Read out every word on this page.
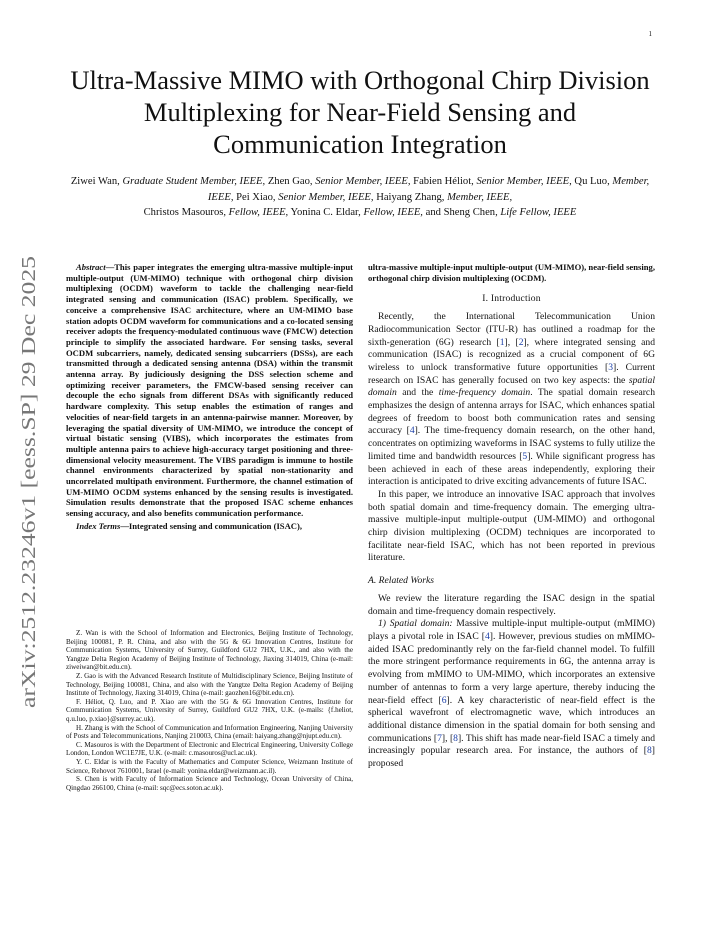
1
arXiv:2512.23246v1 [eess.SP] 29 Dec 2025
Ultra-Massive MIMO with Orthogonal Chirp Division Multiplexing for Near-Field Sensing and Communication Integration
Ziwei Wan, Graduate Student Member, IEEE, Zhen Gao, Senior Member, IEEE, Fabien Héliot, Senior Member, IEEE, Qu Luo, Member, IEEE, Pei Xiao, Senior Member, IEEE, Haiyang Zhang, Member, IEEE,
Christos Masouros, Fellow, IEEE, Yonina C. Eldar, Fellow, IEEE, and Sheng Chen, Life Fellow, IEEE

Abstract—This paper integrates the emerging ultra-massive multiple-input multiple-output (UM-MIMO) technique with orthogonal chirp division multiplexing (OCDM) waveform to tackle the challenging near-field integrated sensing and communication (ISAC) problem. Specifically, we conceive a comprehensive ISAC architecture, where an UM-MIMO base station adopts OCDM waveform for communications and a co-located sensing receiver adopts the frequency-modulated continuous wave (FMCW) detection principle to simplify the associated hardware. For sensing tasks, several OCDM subcarriers, namely, dedicated sensing subcarriers (DSSs), are each transmitted through a dedicated sensing antenna (DSA) within the transmit antenna array. By judiciously designing the DSS selection scheme and optimizing receiver parameters, the FMCW-based sensing receiver can decouple the echo signals from different DSAs with significantly reduced hardware complexity. This setup enables the estimation of ranges and velocities of near-field targets in an antenna-pairwise manner. Moreover, by leveraging the spatial diversity of UM-MIMO, we introduce the concept of virtual bistatic sensing (VIBS), which incorporates the estimates from multiple antenna pairs to achieve high-accuracy target positioning and three-dimensional velocity measurement. The VIBS paradigm is immune to hostile channel environments characterized by spatial non-stationarity and uncorrelated multipath environment. Furthermore, the channel estimation of UM-MIMO OCDM systems enhanced by the sensing results is investigated. Simulation results demonstrate that the proposed ISAC scheme enhances sensing accuracy, and also benefits communication performance.

Index Terms—Integrated sensing and communication (ISAC),

Z. Wan is with the School of Information and Electronics, Beijing Institute of Technology, Beijing 100081, P. R. China, and also with the 5G & 6G Innovation Centres, Institute for Communication Systems, University of Surrey, Guildford GU2 7HX, U.K., and also with the Yangtze Delta Region Academy of Beijing Institute of Technology, Jiaxing 314019, China (e-mail: ziweiwan@bit.edu.cn).

Z. Gao is with the Advanced Research Institute of Multidisciplinary Science, Beijing Institute of Technology, Beijing 100081, China, and also with the Yangtze Delta Region Academy of Beijing Institute of Technology, Jiaxing 314019, China (e-mail: gaozhen16@bit.edu.cn).

F. Héliot, Q. Luo, and P. Xiao are with the 5G & 6G Innovation Centres, Institute for Communication Systems, University of Surrey, Guildford GU2 7HX, U.K. (e-mails: {f.heliot, q.u.luo, p.xiao}@surrey.ac.uk).

H. Zhang is with the School of Communication and Information Engineering, Nanjing University of Posts and Telecommunications, Nanjing 210003, China (email: haiyang.zhang@njupt.edu.cn).

C. Masouros is with the Department of Electronic and Electrical Engineering, University College London, London WC1E7JE, U.K. (e-mail: c.masouros@ucl.ac.uk).

Y. C. Eldar is with the Faculty of Mathematics and Computer Science, Weizmann Institute of Science, Rehovot 7610001, Israel (e-mail: yonina.eldar@weizmann.ac.il).

S. Chen is with Faculty of Information Science and Technology, Ocean University of China, Qingdao 266100, China (e-mail: sqc@ecs.soton.ac.uk).

ultra-massive multiple-input multiple-output (UM-MIMO), near-field sensing, orthogonal chirp division multiplexing (OCDM).

I. Introduction

Recently, the International Telecommunication Union Radiocommunication Sector (ITU-R) has outlined a roadmap for the sixth-generation (6G) research [1], [2], where integrated sensing and communication (ISAC) is recognized as a crucial component of 6G wireless to unlock transformative future opportunities [3]. Current research on ISAC has generally focused on two key aspects: the spatial domain and the time-frequency domain. The spatial domain research emphasizes the design of antenna arrays for ISAC, which enhances spatial degrees of freedom to boost both communication rates and sensing accuracy [4]. The time-frequency domain research, on the other hand, concentrates on optimizing waveforms in ISAC systems to fully utilize the limited time and bandwidth resources [5]. While significant progress has been achieved in each of these areas independently, exploring their interaction is anticipated to drive exciting advancements of future ISAC.

In this paper, we introduce an innovative ISAC approach that involves both spatial domain and time-frequency domain. The emerging ultra-massive multiple-input multiple-output (UM-MIMO) and orthogonal chirp division multiplexing (OCDM) techniques are incorporated to facilitate near-field ISAC, which has not been reported in previous literature.

A. Related Works

We review the literature regarding the ISAC design in the spatial domain and time-frequency domain respectively.

1) Spatial domain: Massive multiple-input multiple-output (mMIMO) plays a pivotal role in ISAC [4]. However, previous studies on mMIMO-aided ISAC predominantly rely on the far-field channel model. To fulfill the more stringent performance requirements in 6G, the antenna array is evolving from mMIMO to UM-MIMO, which incorporates an extensive number of antennas to form a very large aperture, thereby inducing the near-field effect [6]. A key characteristic of near-field effect is the spherical wavefront of electromagnetic wave, which introduces an additional distance dimension in the spatial domain for both sensing and communications [7], [8]. This shift has made near-field ISAC a timely and increasingly popular research area. For instance, the authors of [8] proposed
